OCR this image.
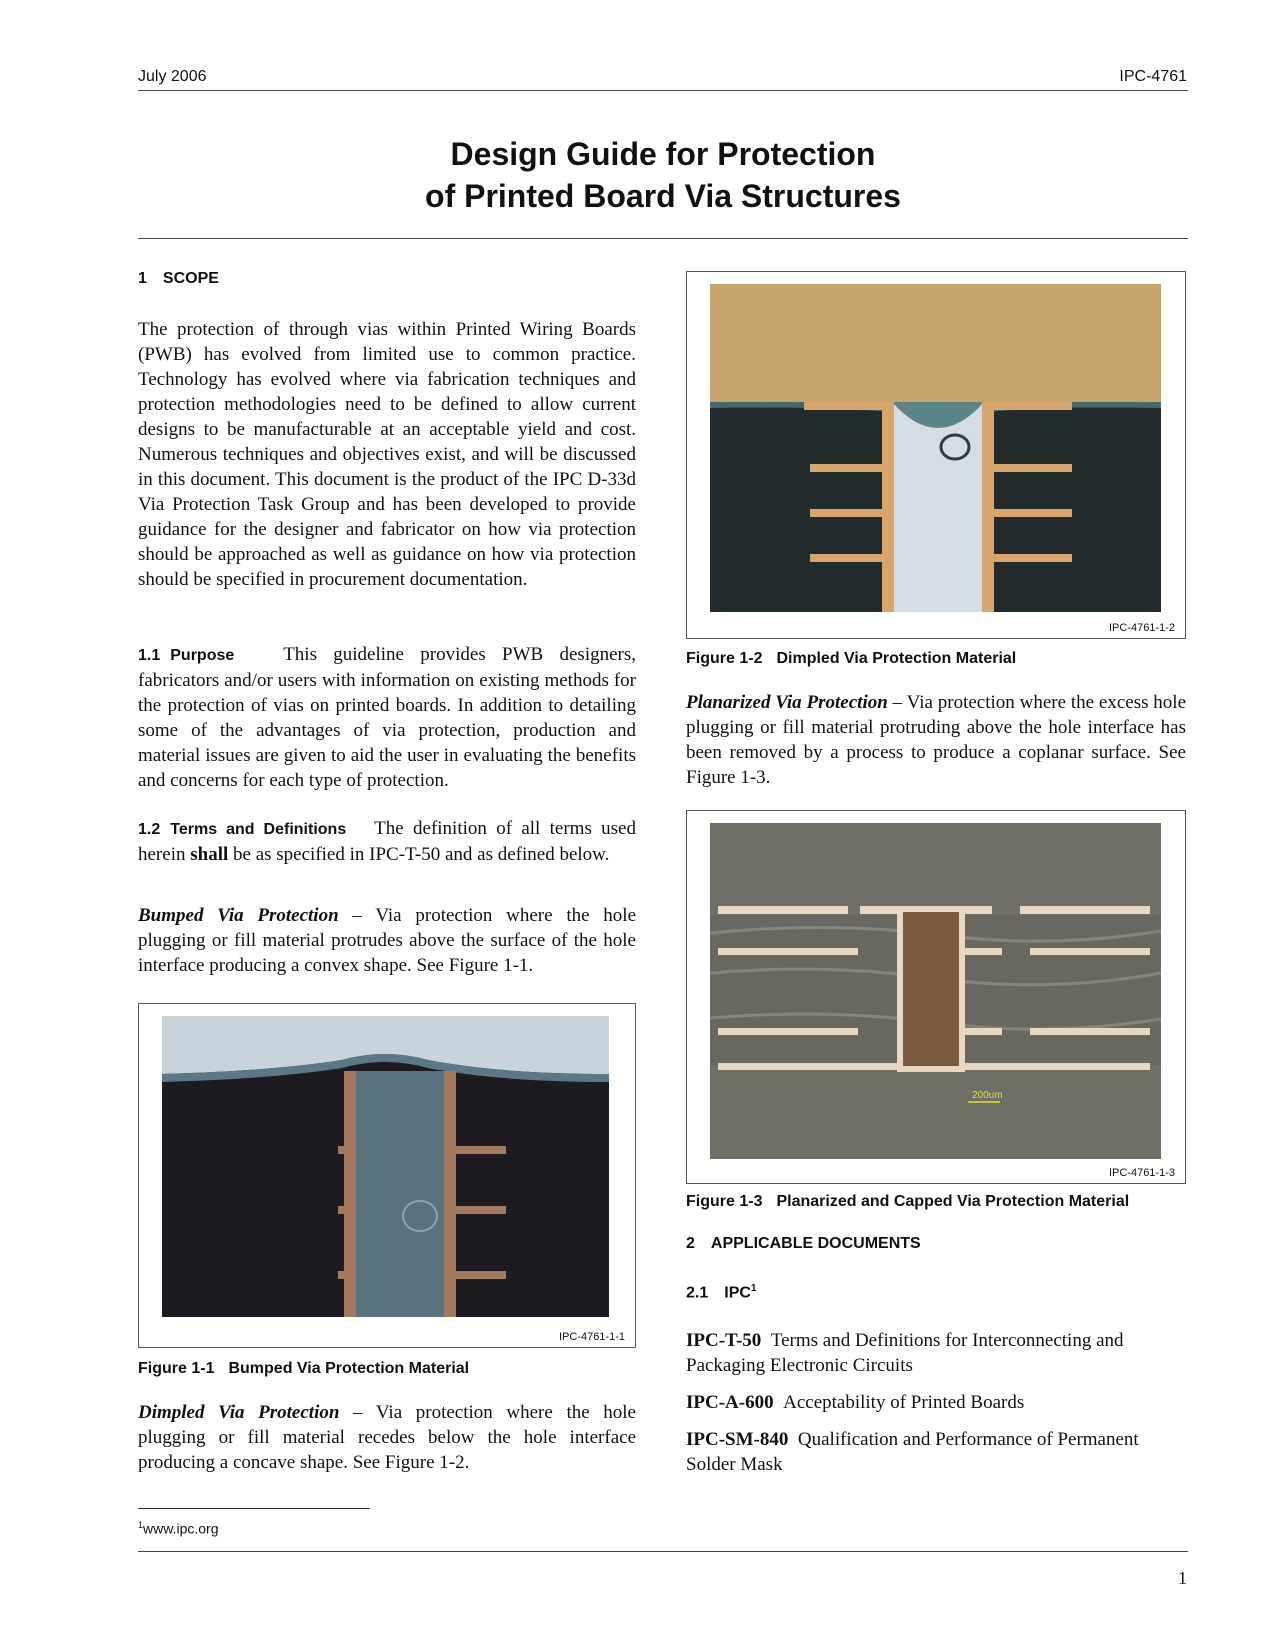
July 2006	IPC-4761
Design Guide for Protection
of Printed Board Via Structures
1 SCOPE

The protection of through vias within Printed Wiring Boards (PWB) has evolved from limited use to common practice. Technology has evolved where via fabrication techniques and protection methodologies need to be defined to allow current designs to be manufacturable at an acceptable yield and cost. Numerous techniques and objectives exist, and will be discussed in this document. This document is the product of the IPC D-33d Via Protection Task Group and has been developed to provide guidance for the designer and fabricator on how via protection should be approached as well as guidance on how via protection should be specified in procurement documentation.

1.1 Purpose	This guideline provides PWB designers, fabricators and/or users with information on existing methods for the protection of vias on printed boards. In addition to detailing some of the advantages of via protection, production and material issues are given to aid the user in evaluating the benefits and concerns for each type of protection.

1.2 Terms and Definitions The definition of all terms used herein shall be as specified in IPC-T-50 and as defined below.

Bumped Via Protection – Via protection where the hole plugging or fill material protrudes above the surface of the hole interface producing a convex shape. See Figure 1-1.

IPC-4761-1-1
Figure 1-1 Bumped Via Protection Material

Dimpled Via Protection – Via protection where the hole plugging or fill material recedes below the hole interface producing a concave shape. See Figure 1-2.

IPC-4761-1-2
Figure 1-2 Dimpled Via Protection Material

Planarized Via Protection – Via protection where the excess hole plugging or fill material protruding above the hole interface has been removed by a process to produce a coplanar surface. See Figure 1-3.

200um
IPC-4761-1-3
Figure 1-3 Planarized and Capped Via Protection Material
2 APPLICABLE DOCUMENTS
2.1 IPC$^1$

IPC-T-50 Terms and Definitions for Interconnecting and Packaging Electronic Circuits

IPC-A-600 Acceptability of Printed Boards

IPC-SM-840 Qualification and Performance of Permanent Solder Mask

$^1$www.ipc.org
1
